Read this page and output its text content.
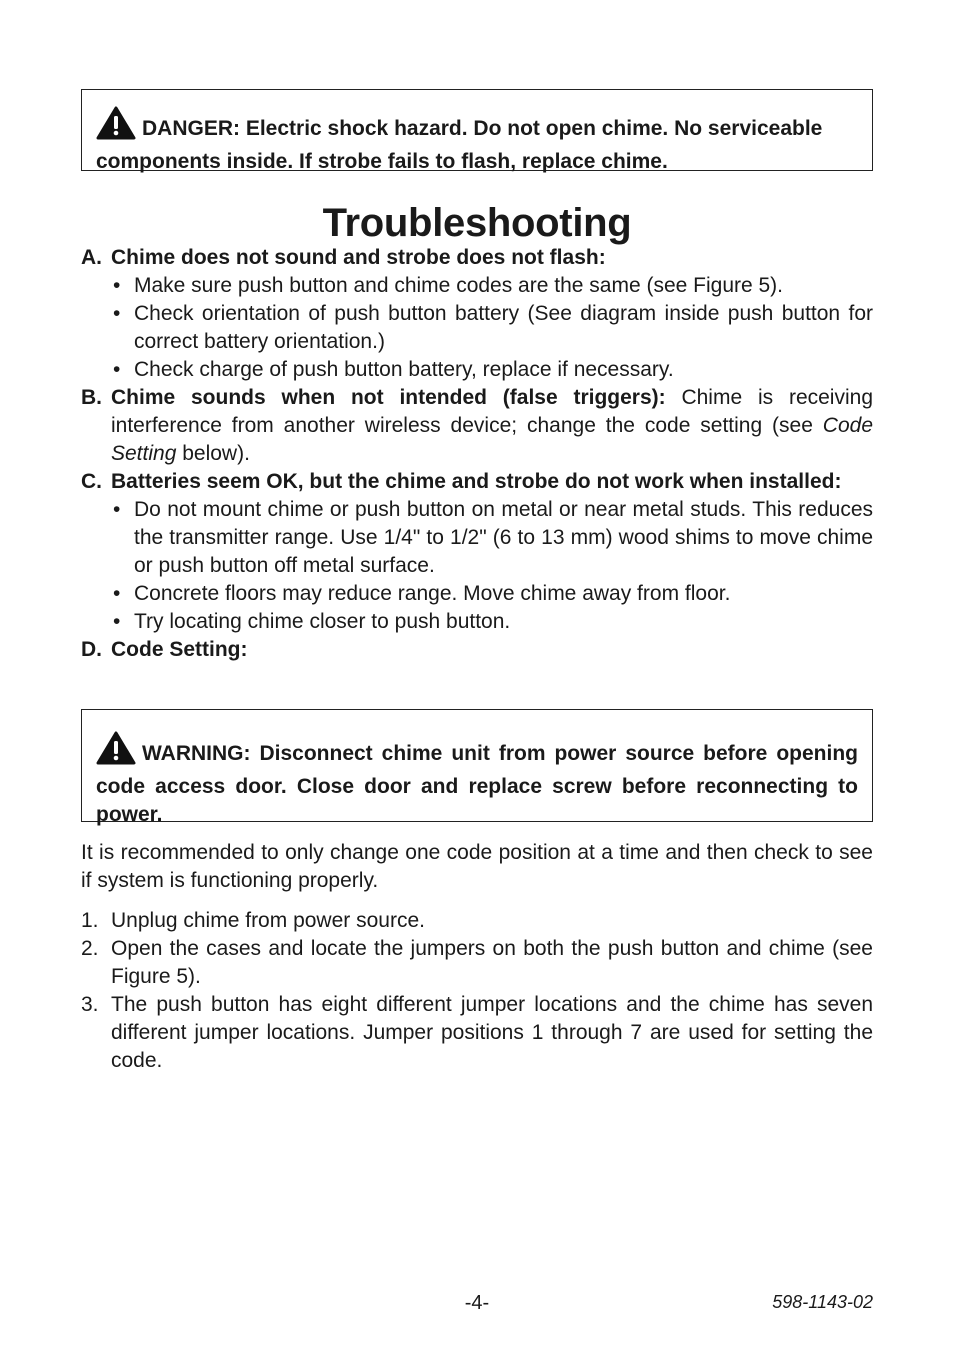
DANGER: Electric shock hazard. Do not open chime. No serviceable components inside. If strobe fails to flash, replace chime.
Troubleshooting
A. Chime does not sound and strobe does not flash:
• Make sure push button and chime codes are the same (see Figure 5).
• Check orientation of push button battery (See diagram inside push button for correct battery orientation.)
• Check charge of push button battery, replace if necessary.
B. Chime sounds when not intended (false triggers): Chime is receiving interference from another wireless device; change the code setting (see Code Setting below).
C. Batteries seem OK, but the chime and strobe do not work when installed:
• Do not mount chime or push button on metal or near metal studs. This reduces the transmitter range. Use 1/4" to 1/2" (6 to 13 mm) wood shims to move chime or push button off metal surface.
• Concrete floors may reduce range. Move chime away from floor.
• Try locating chime closer to push button.
D. Code Setting:
WARNING: Disconnect chime unit from power source before opening code access door. Close door and replace screw before reconnecting to power.
It is recommended to only change one code position at a time and then check to see if system is functioning properly.
1. Unplug chime from power source.
2. Open the cases and locate the jumpers on both the push button and chime (see Figure 5).
3. The push button has eight different jumper locations and the chime has seven different jumper locations. Jumper positions 1 through 7 are used for setting the code.
-4-	598-1143-02
